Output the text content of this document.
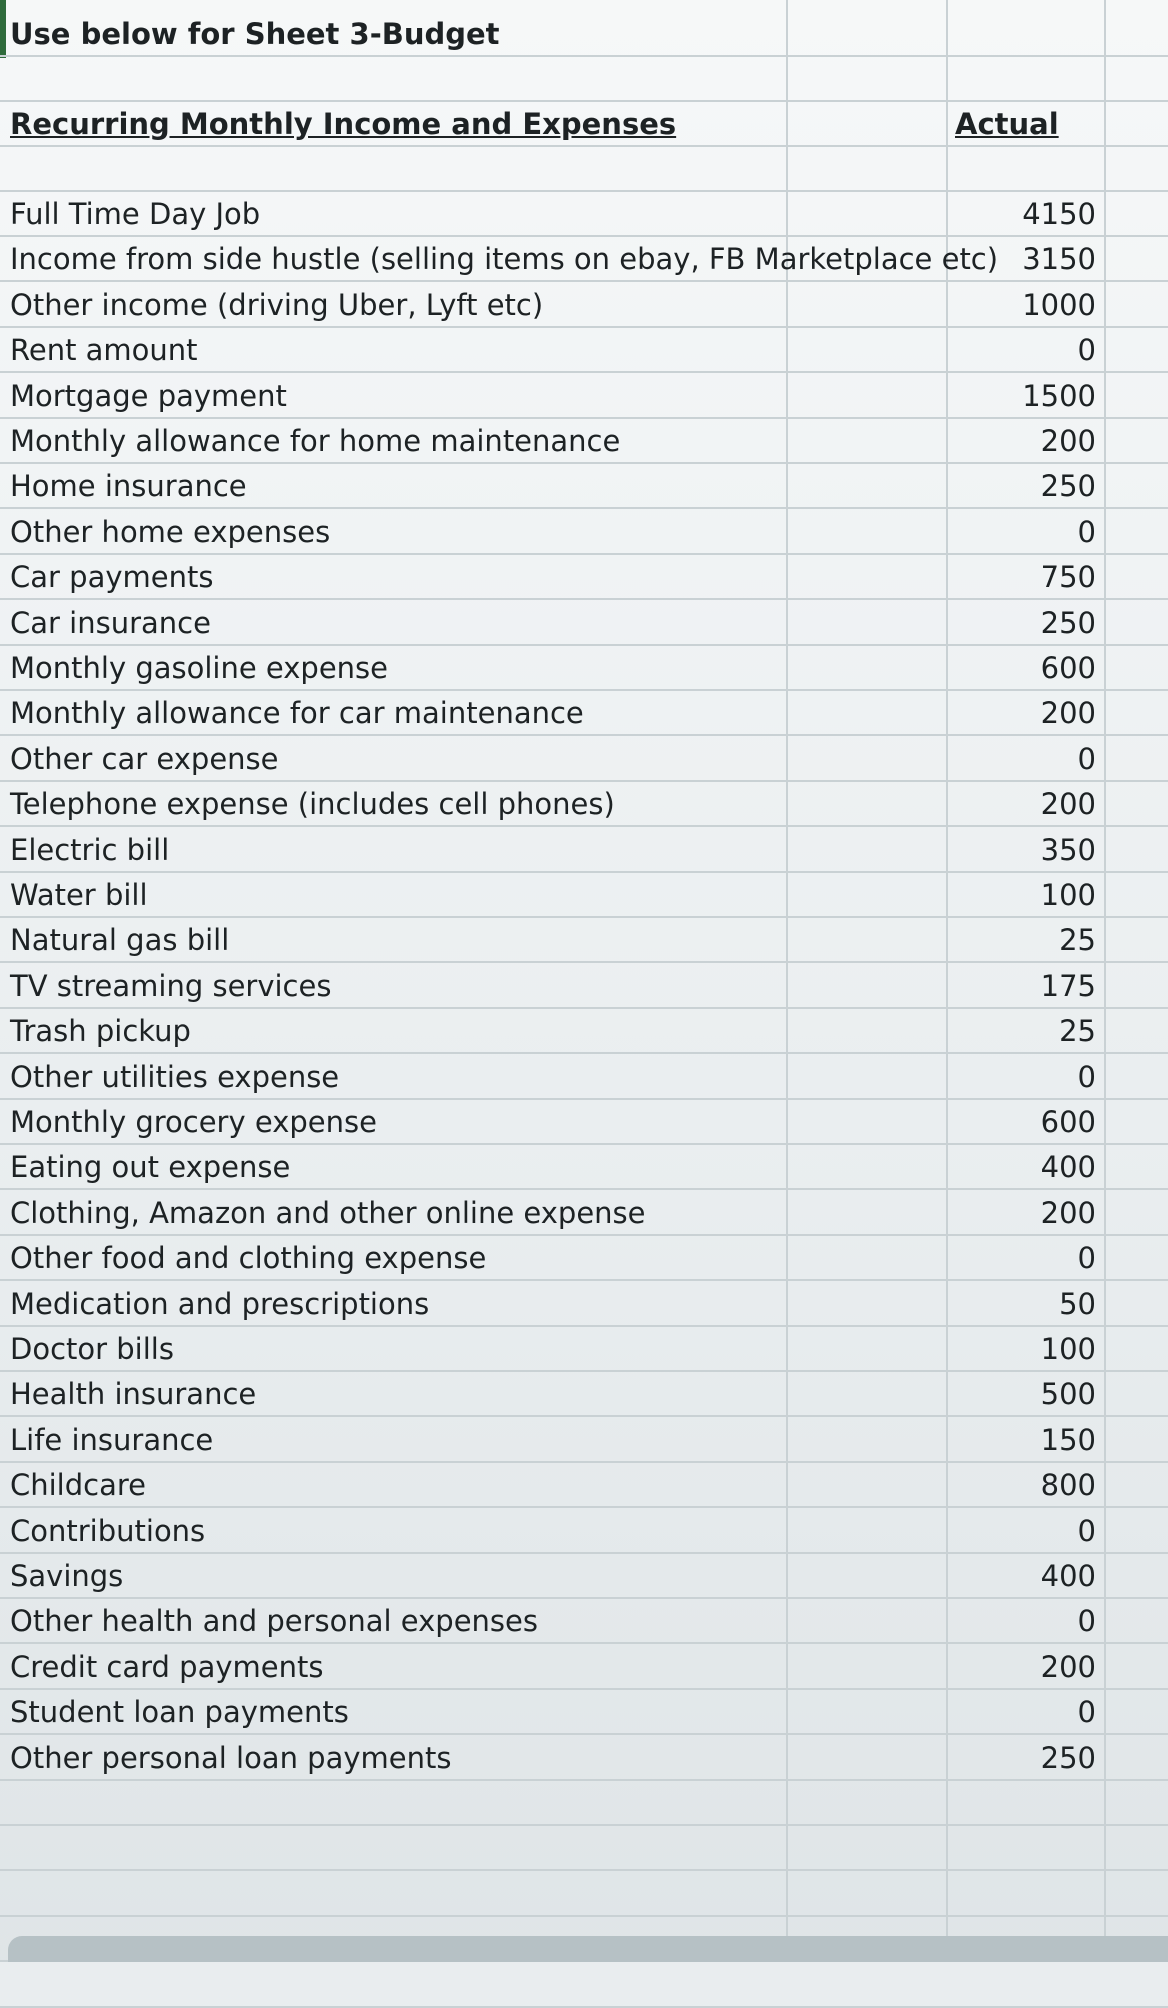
Use below for Sheet 3-Budget
Recurring Monthly Income and Expenses	Actual
Full Time Day Job	4150
Income from side hustle (selling items on ebay, FB Marketplace etc) 3150
Other income (driving Uber, Lyft etc)	1000
Rent amount	0
Mortgage payment	1500
Monthly allowance for home maintenance	200
Home insurance	250
Other home expenses	0
Car payments	750
Car insurance	250
Monthly gasoline expense	600
Monthly allowance for car maintenance	200
Other car expense	0
Telephone expense (includes cell phones)	200
Electric bill	350
Water bill	100
Natural gas bill	25
TV streaming services	175
Trash pickup	25
Other utilities expense	0
Monthly grocery expense	600
Eating out expense	400
Clothing, Amazon and other online expense	200
Other food and clothing expense	0
Medication and prescriptions	50
Doctor bills	100
Health insurance	500
Life insurance	150
Childcare	800
Contributions	0
Savings	400
Other health and personal expenses	0
Credit card payments	200
Student loan payments	0
Other personal loan payments	250
